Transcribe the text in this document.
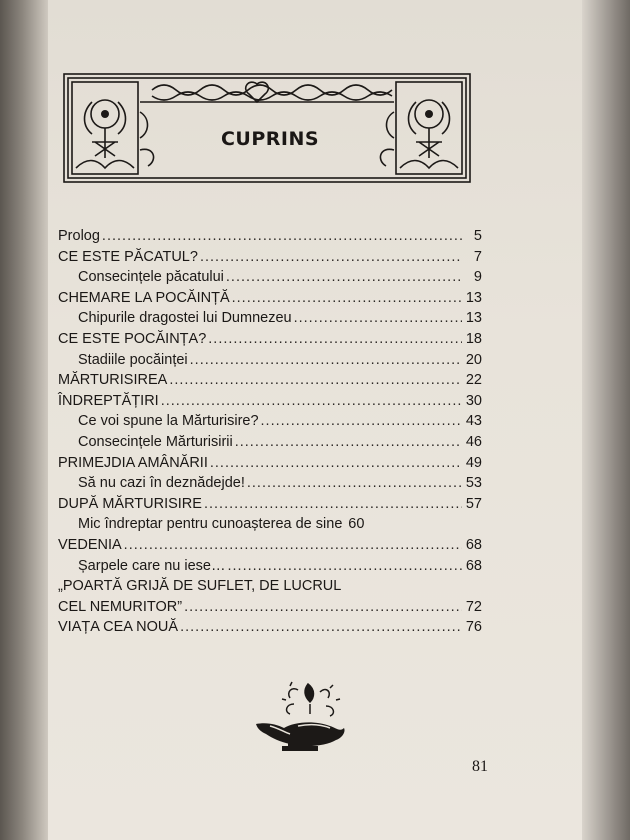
CUPRINS
Prolog .....	5
CE ESTE PĂCATUL? .....	7
Consecințele păcatului .....	9
CHEMARE LA POCĂINȚĂ .....	13
Chipurile dragostei lui Dumnezeu .....	13
CE ESTE POCĂINȚA? .....	18
Stadiile pocăinței .....	20
MĂRTURISIREA .....	22
ÎNDREPTĂȚIRI .....	30
Ce voi spune la Mărturisire? .....	43
Consecințele Mărturisirii .....	46
PRIMEJDIA AMÂNĂRII .....	49
Să nu cazi în deznădejde! .....	53
DUPĂ MĂRTURISIRE .....	57
Mic îndreptar pentru cunoașterea de sine 60
VEDENIA .....	68
Șarpele care nu iese… .....	68
„POARTĂ GRIJĂ DE SUFLET, DE LUCRUL
CEL NEMURITOR” .....	72
VIAȚA CEA NOUĂ .....	76
81
